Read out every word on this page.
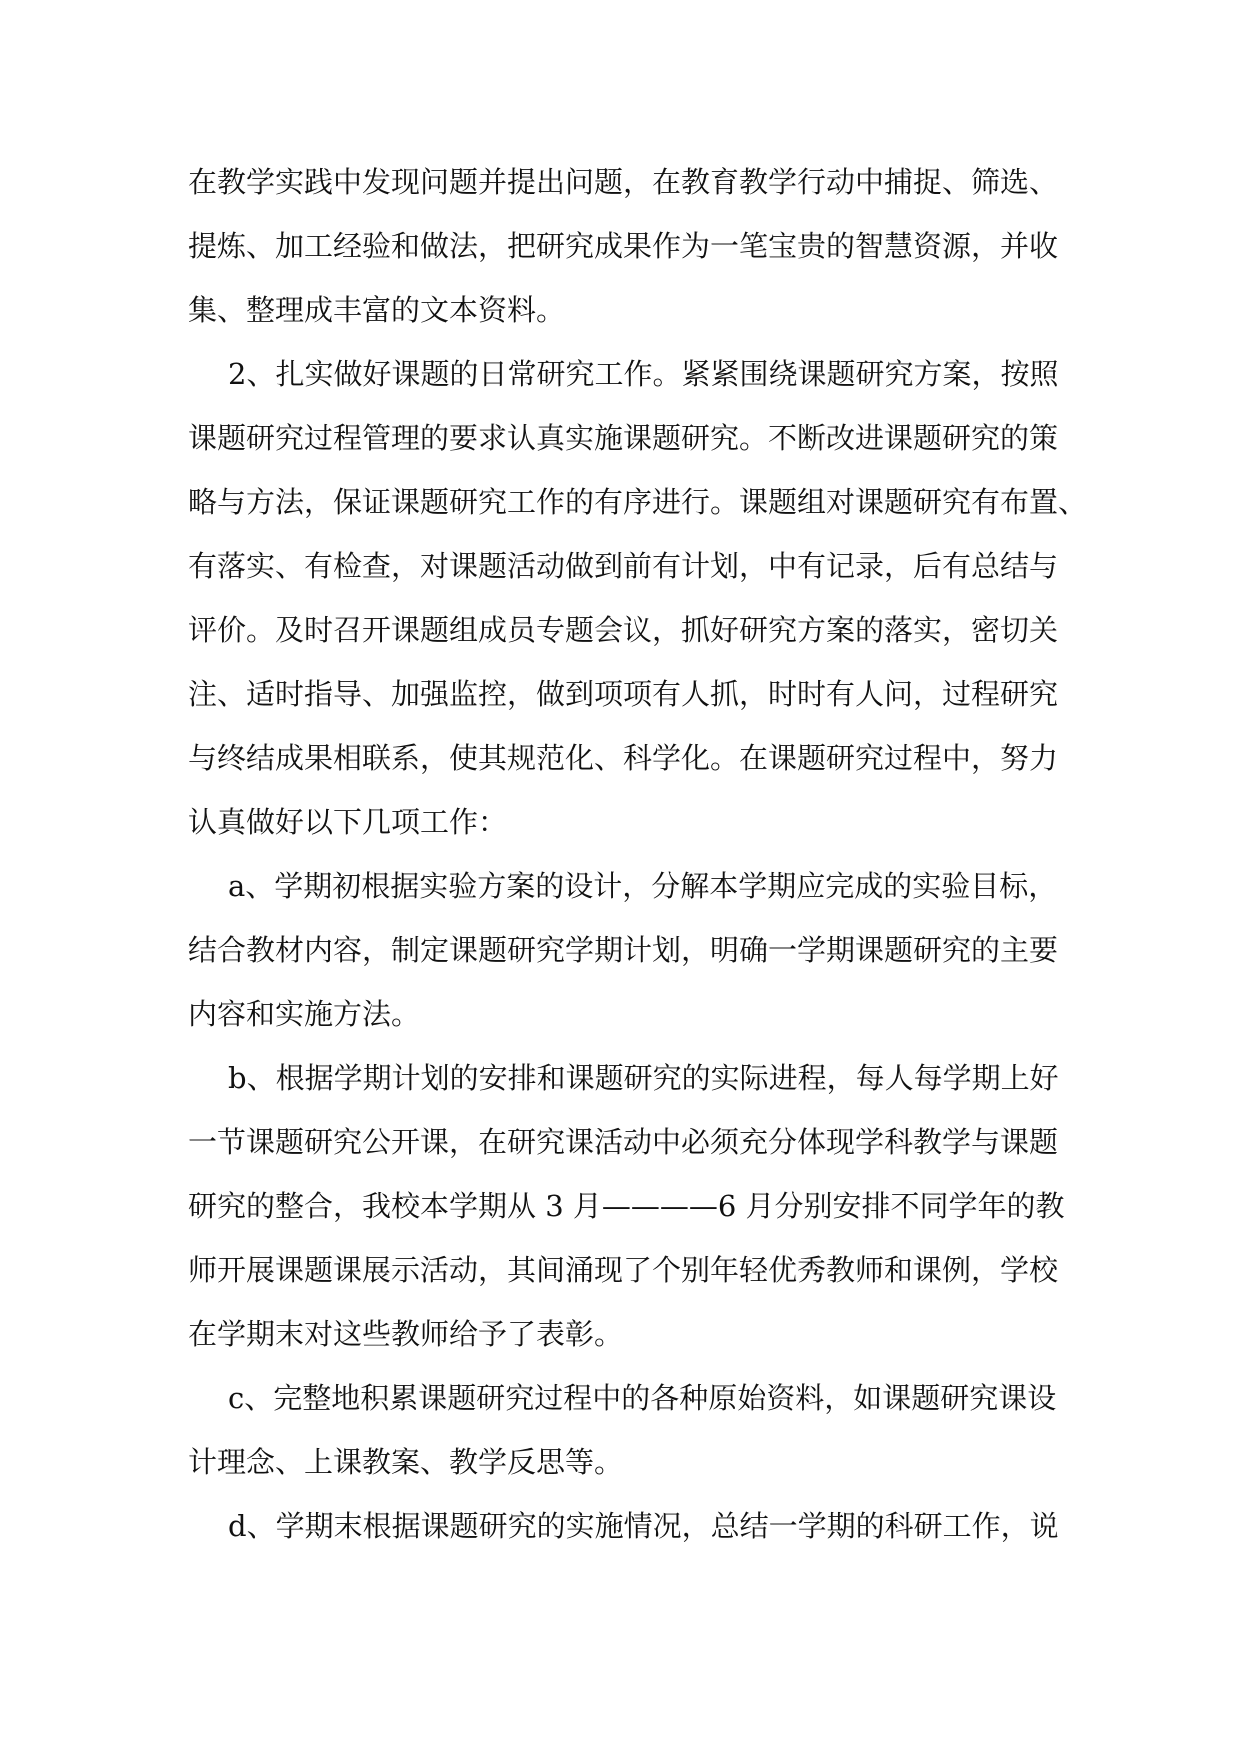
在教学实践中发现问题并提出问题，在教育教学行动中捕捉、筛选、
提炼、加工经验和做法，把研究成果作为一笔宝贵的智慧资源，并收
集、整理成丰富的文本资料。
2、扎实做好课题的日常研究工作。紧紧围绕课题研究方案，按照
课题研究过程管理的要求认真实施课题研究。不断改进课题研究的策
略与方法，保证课题研究工作的有序进行。课题组对课题研究有布置、
有落实、有检查，对课题活动做到前有计划，中有记录，后有总结与
评价。及时召开课题组成员专题会议，抓好研究方案的落实，密切关
注、适时指导、加强监控，做到项项有人抓，时时有人问，过程研究
与终结成果相联系，使其规范化、科学化。在课题研究过程中，努力
认真做好以下几项工作：
a、学期初根据实验方案的设计，分解本学期应完成的实验目标，
结合教材内容，制定课题研究学期计划，明确一学期课题研究的主要
内容和实施方法。
b、根据学期计划的安排和课题研究的实际进程，每人每学期上好
一节课题研究公开课，在研究课活动中必须充分体现学科教学与课题
研究的整合，我校本学期从 3 月————6 月分别安排不同学年的教
师开展课题课展示活动，其间涌现了个别年轻优秀教师和课例，学校
在学期末对这些教师给予了表彰。
c、完整地积累课题研究过程中的各种原始资料，如课题研究课设
计理念、上课教案、教学反思等。
d、学期末根据课题研究的实施情况，总结一学期的科研工作，说
